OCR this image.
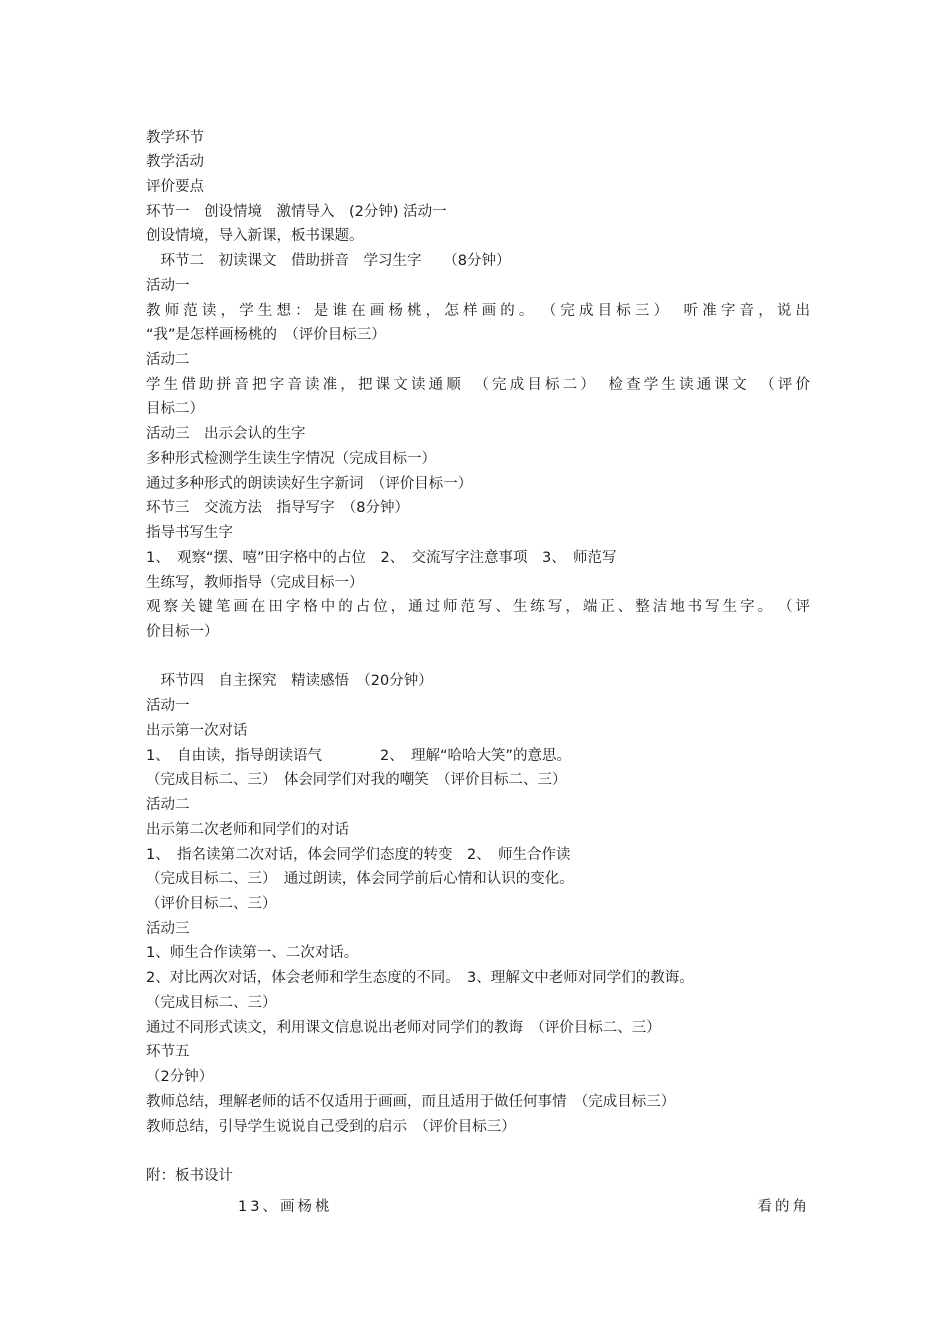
教学环节
教学活动
评价要点
环节一　创设情境　激情导入　(2分钟) 活动一
创设情境，导入新课，板书课题。
　环节二　初读课文　借助拼音　学习生字　　（8分钟）
活动一
教师范读，学生想：是谁在画杨桃，怎样画的。　（完成目标三）　听准字音，说出
“我”是怎样画杨桃的　（评价目标三）
活动二
学生借助拼音把字音读准，把课文读通顺　（完成目标二）　检查学生读通课文　（评价
目标二）
活动三　出示会认的生字
多种形式检测学生读生字情况（完成目标一）
通过多种形式的朗读读好生字新词　（评价目标一）
环节三　交流方法　指导写字　（8分钟）
指导书写生字
1、　观察“摆、嘻”田字格中的占位　2、　交流写字注意事项　3、　师范写
生练写，教师指导（完成目标一）
观察关键笔画在田字格中的占位，通过师范写、生练写，端正、整洁地书写生字。　（评
价目标一）
　环节四　自主探究　精读感悟　（20分钟）
活动一
出示第一次对话
1、　自由读，指导朗读语气　　　　2、　理解“哈哈大笑”的意思。
（完成目标二、三）　体会同学们对我的嘲笑　（评价目标二、三）
活动二
出示第二次老师和同学们的对话
1、　指名读第二次对话，体会同学们态度的转变　2、　师生合作读
（完成目标二、三）　通过朗读，体会同学前后心情和认识的变化。
（评价目标二、三）
活动三
1、师生合作读第一、二次对话。
2、对比两次对话，体会老师和学生态度的不同。　3、理解文中老师对同学们的教诲。
（完成目标二、三）
通过不同形式读文，利用课文信息说出老师对同学们的教诲　（评价目标二、三）
环节五
（2分钟）
教师总结，理解老师的话不仅适用于画画，而且适用于做任何事情　（完成目标三）
教师总结，引导学生说说自己受到的启示　（评价目标三）
附：板书设计
13、画杨桃	看的角
